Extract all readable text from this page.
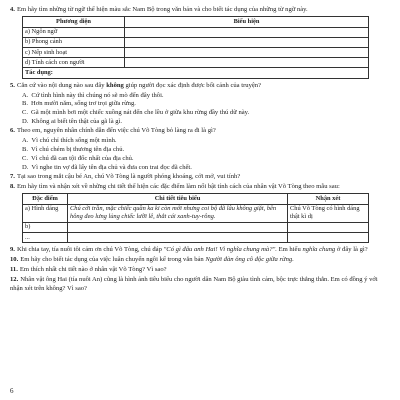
4. Em hãy tìm những từ ngữ thể hiện màu sắc Nam Bộ trong văn bản và cho biết tác dụng của những từ ngữ này.
Phương diện	Biểu hiện
a) Ngôn ngữ	
b) Phong cảnh	
c) Nếp sinh hoạt	
d) Tính cách con người	
Tác dụng:	
5. Căn cứ vào nội dung nào sau đây không giúp người đọc xác định được bối cảnh của truyện?
A. Cứ tình hình này thì chúng nó sẽ mò đến đây thôi.
B. Hơn mười năm, sống trơ trọi giữa rừng.
C. Gã một mình bơi một chiếc xuồng nát đến che lều ở giữa khu rừng đầy thú dữ này.
D. Không ai biết tên thật của gã là gì.
6. Theo em, nguyên nhân chính dẫn đến việc chú Võ Tòng bỏ làng ra đi là gì?
A. Vì chú chỉ thích sống một mình.
B. Vì chú chém bị thương tên địa chủ.
C. Vì chú đã can tội đốc nhất của địa chủ.
D. Vì nghe tin vợ đã lấy tên địa chủ và đưa con trai đọc đã chết.
7. Tại sao trong mắt cậu bé An, chú Võ Tòng là người phóng khoáng, cởi mở, vui tính?
8. Em hãy tìm và nhận xét về những chi tiết thể hiện các đặc điểm làm nổi bật tính cách của nhân vật Võ Tòng theo mẫu sau:
Đặc điểm	Chi tiết tiêu biểu	Nhận xét
a) Hình dáng	Chú cởi trần, mặc chiếc quần ka ki còn mới nhưng coi bộ đã lâu không giặt, bên hông đeo lưng lủng chiếc lưỡi lê, thắt cái xanh-tuy-rông.	Chú Võ Tòng có hình dáng thật kì dị
b)		
...		
9. Khi chia tay, tía nuôi tôi cảm ơn chú Võ Tòng, chú đáp "Có gì đâu anh Hai! Vì nghĩa chung mà?". Em hiểu nghĩa chung ở đây là gì?
10. Em hãy cho biết tác dụng của việc luân chuyển ngôi kể trong văn bản Người đàn ông cô độc giữa rừng.
11. Em thích nhất chi tiết nào ở nhân vật Võ Tòng? Vì sao?
12. Nhân vật ông Hai (tía nuôi An) cũng là hình ảnh tiêu biểu cho người dân Nam Bộ giàu tình cảm, bộc trực thẳng thắn. Em có đồng ý với nhận xét trên không? Vì sao?
6
